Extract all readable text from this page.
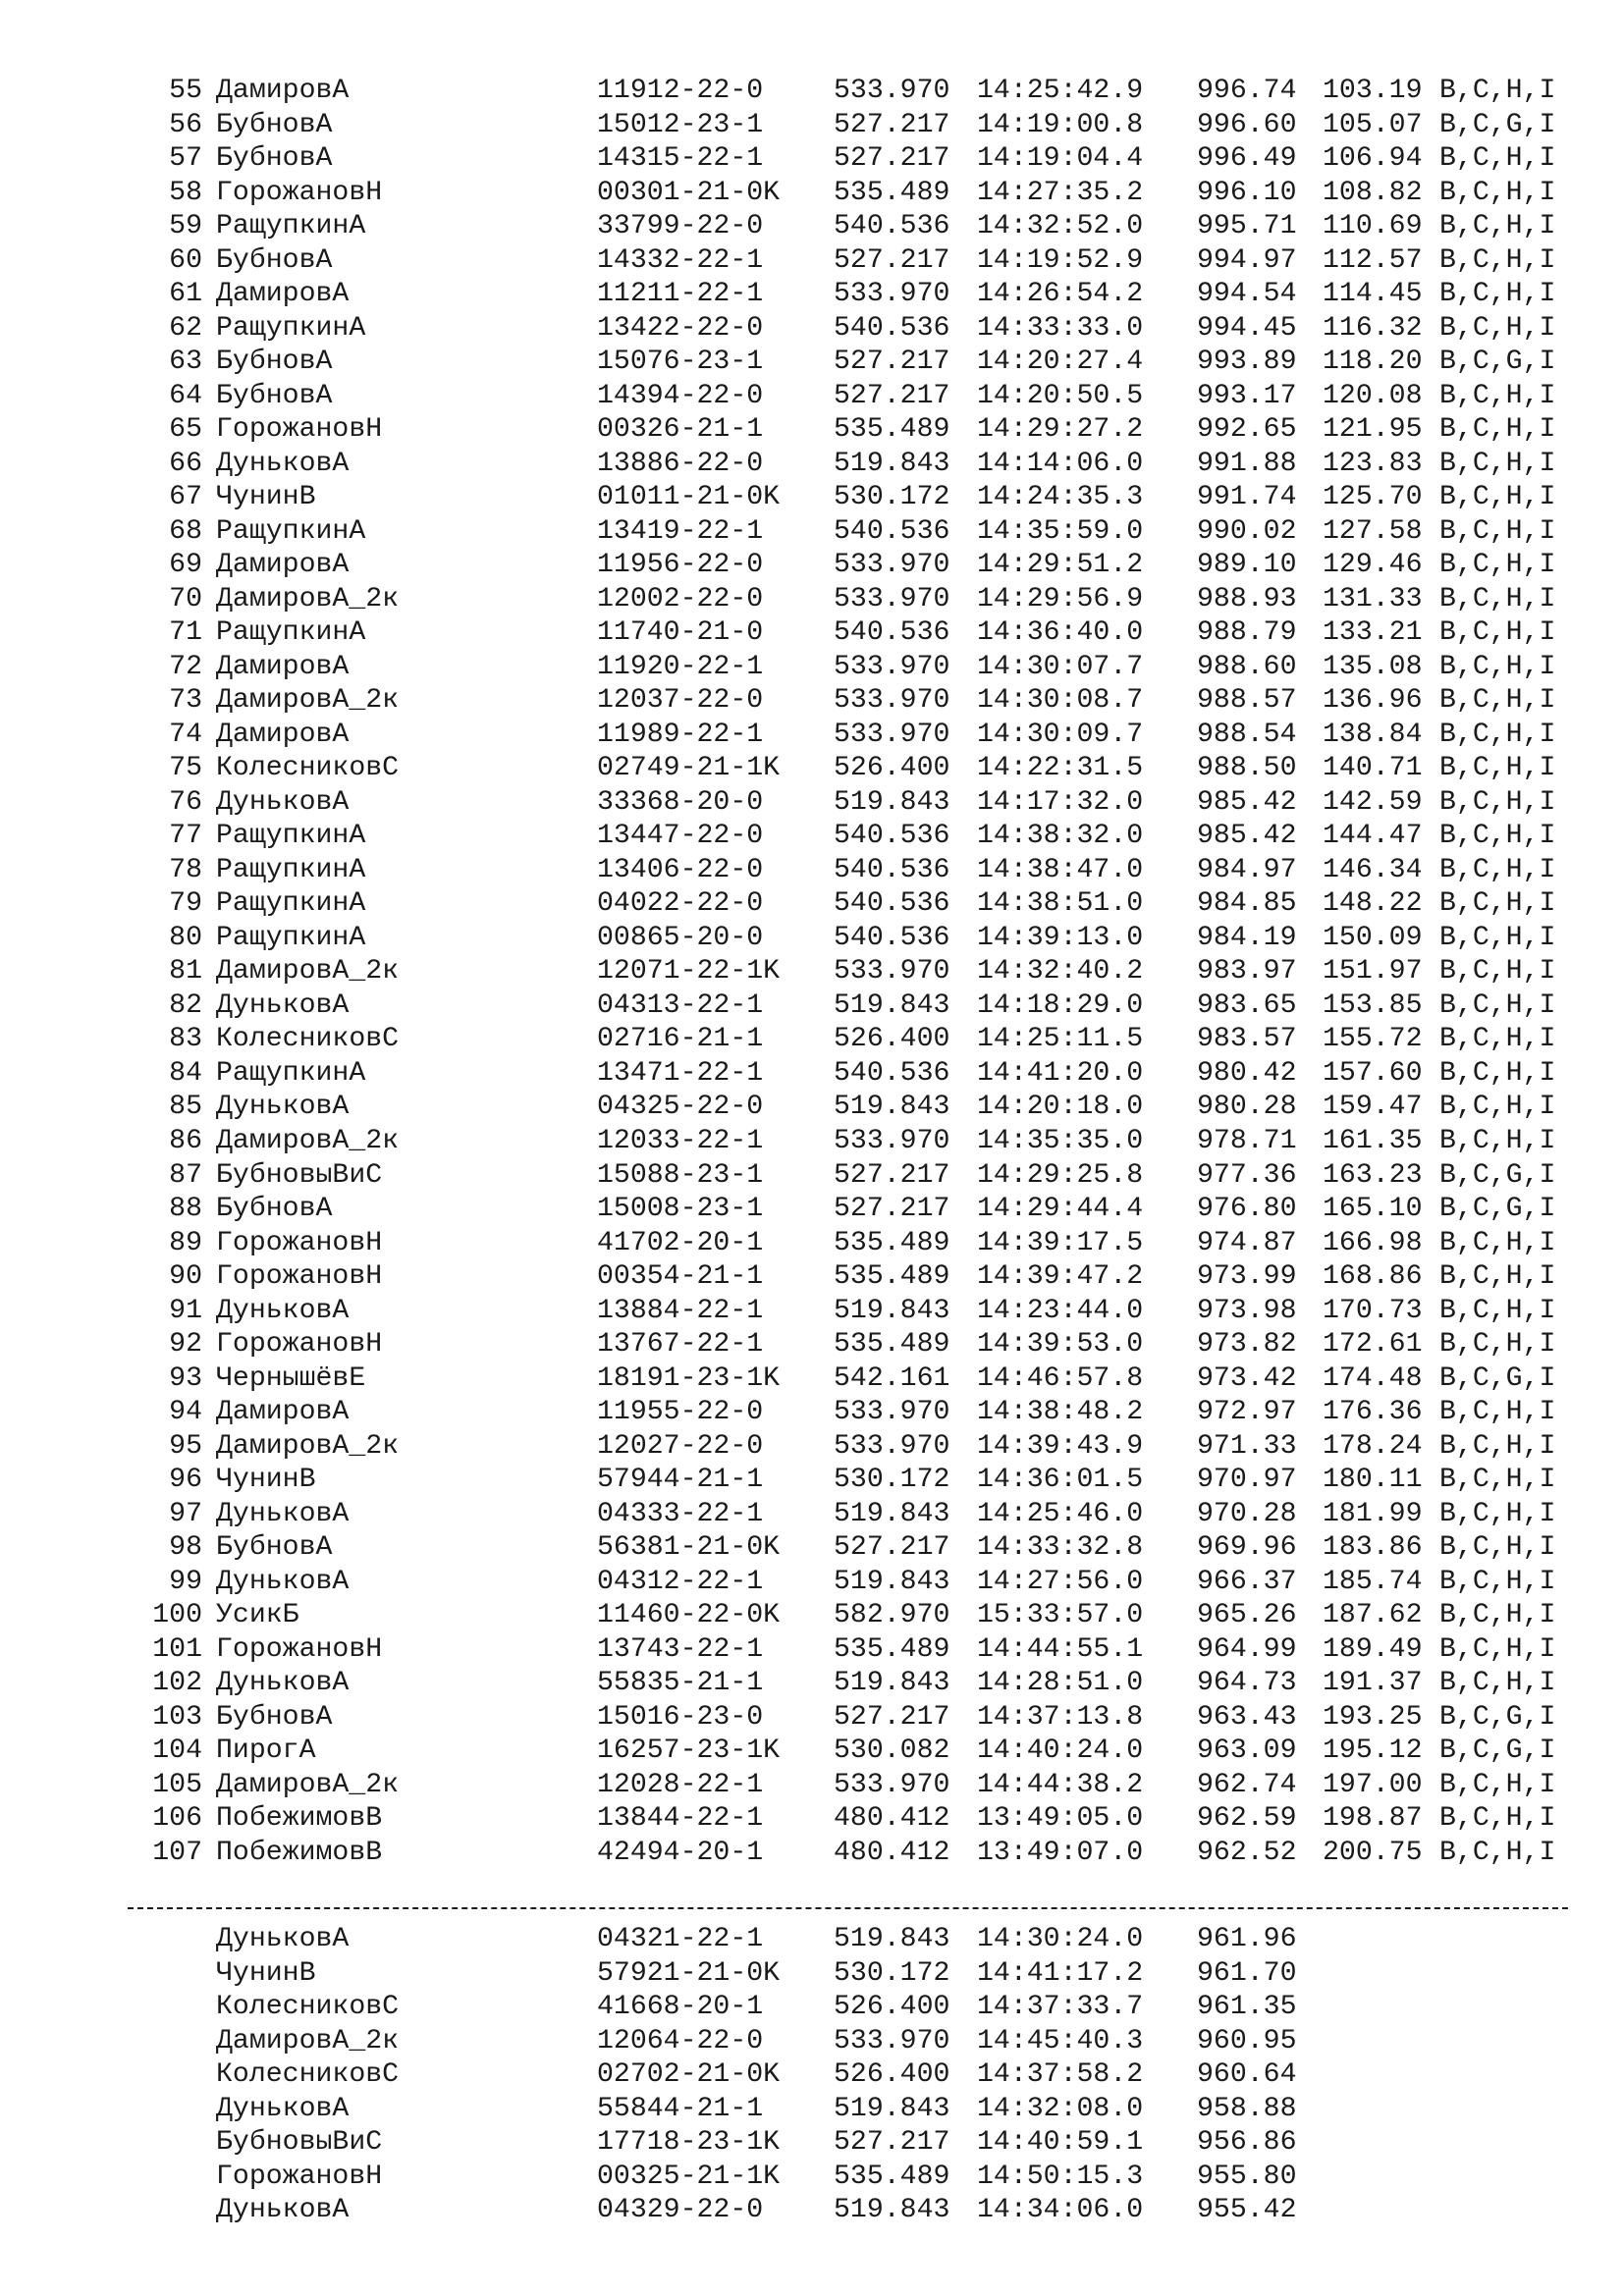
55 ДамировА	11912-22-0	533.970 14:25:42.9 996.74 103.19 B,C,H,I
56 БубновА	15012-23-1	527.217 14:19:00.8 996.60 105.07 B,C,G,I
57 БубновА	14315-22-1	527.217 14:19:04.4 996.49 106.94 B,C,H,I
58 ГорожановН	00301-21-0K 535.489 14:27:35.2 996.10 108.82 B,C,H,I
59 РащупкинА	33799-22-0	540.536 14:32:52.0 995.71 110.69 B,C,H,I
60 БубновА	14332-22-1	527.217 14:19:52.9 994.97 112.57 B,C,H,I
61 ДамировА	11211-22-1	533.970 14:26:54.2 994.54 114.45 B,C,H,I
62 РащупкинА	13422-22-0	540.536 14:33:33.0 994.45 116.32 B,C,H,I
63 БубновА	15076-23-1	527.217 14:20:27.4 993.89 118.20 B,C,G,I
64 БубновА	14394-22-0	527.217 14:20:50.5 993.17 120.08 B,C,H,I
65 ГорожановН	00326-21-1	535.489 14:29:27.2 992.65 121.95 B,C,H,I
66 ДуньковА	13886-22-0	519.843 14:14:06.0 991.88 123.83 B,C,H,I
67 ЧунинВ	01011-21-0K 530.172 14:24:35.3 991.74 125.70 B,C,H,I
68 РащупкинА	13419-22-1	540.536 14:35:59.0 990.02 127.58 B,C,H,I
69 ДамировА	11956-22-0	533.970 14:29:51.2 989.10 129.46 B,C,H,I
70 ДамировА_2к	12002-22-0	533.970 14:29:56.9 988.93 131.33 B,C,H,I
71 РащупкинА	11740-21-0	540.536 14:36:40.0 988.79 133.21 B,C,H,I
72 ДамировА	11920-22-1	533.970 14:30:07.7 988.60 135.08 B,C,H,I
73 ДамировА_2к	12037-22-0	533.970 14:30:08.7 988.57 136.96 B,C,H,I
74 ДамировА	11989-22-1	533.970 14:30:09.7 988.54 138.84 B,C,H,I
75 КолесниковС	02749-21-1K 526.400 14:22:31.5 988.50 140.71 B,C,H,I
76 ДуньковА	33368-20-0	519.843 14:17:32.0 985.42 142.59 B,C,H,I
77 РащупкинА	13447-22-0	540.536 14:38:32.0 985.42 144.47 B,C,H,I
78 РащупкинА	13406-22-0	540.536 14:38:47.0 984.97 146.34 B,C,H,I
79 РащупкинА	04022-22-0	540.536 14:38:51.0 984.85 148.22 B,C,H,I
80 РащупкинА	00865-20-0	540.536 14:39:13.0 984.19 150.09 B,C,H,I
81 ДамировА_2к	12071-22-1K 533.970 14:32:40.2 983.97 151.97 B,C,H,I
82 ДуньковА	04313-22-1	519.843 14:18:29.0 983.65 153.85 B,C,H,I
83 КолесниковС	02716-21-1	526.400 14:25:11.5 983.57 155.72 B,C,H,I
84 РащупкинА	13471-22-1	540.536 14:41:20.0 980.42 157.60 B,C,H,I
85 ДуньковА	04325-22-0	519.843 14:20:18.0 980.28 159.47 B,C,H,I
86 ДамировА_2к	12033-22-1	533.970 14:35:35.0 978.71 161.35 B,C,H,I
87 БубновыВиС	15088-23-1	527.217 14:29:25.8 977.36 163.23 B,C,G,I
88 БубновА	15008-23-1	527.217 14:29:44.4 976.80 165.10 B,C,G,I
89 ГорожановН	41702-20-1	535.489 14:39:17.5 974.87 166.98 B,C,H,I
90 ГорожановН	00354-21-1	535.489 14:39:47.2 973.99 168.86 B,C,H,I
91 ДуньковА	13884-22-1	519.843 14:23:44.0 973.98 170.73 B,C,H,I
92 ГорожановН	13767-22-1	535.489 14:39:53.0 973.82 172.61 B,C,H,I
93 ЧернышёвЕ	18191-23-1K 542.161 14:46:57.8 973.42 174.48 B,C,G,I
94 ДамировА	11955-22-0	533.970 14:38:48.2 972.97 176.36 B,C,H,I
95 ДамировА_2к	12027-22-0	533.970 14:39:43.9 971.33 178.24 B,C,H,I
96 ЧунинВ	57944-21-1	530.172 14:36:01.5 970.97 180.11 B,C,H,I
97 ДуньковА	04333-22-1	519.843 14:25:46.0 970.28 181.99 B,C,H,I
98 БубновА	56381-21-0K 527.217 14:33:32.8 969.96 183.86 B,C,H,I
99 ДуньковА	04312-22-1	519.843 14:27:56.0 966.37 185.74 B,C,H,I
100 УсикБ	11460-22-0K 582.970 15:33:57.0 965.26 187.62 B,C,H,I
101 ГорожановН	13743-22-1	535.489 14:44:55.1 964.99 189.49 B,C,H,I
102 ДуньковА	55835-21-1	519.843 14:28:51.0 964.73 191.37 B,C,H,I
103 БубновА	15016-23-0	527.217 14:37:13.8 963.43 193.25 B,C,G,I
104 ПирогА	16257-23-1K 530.082 14:40:24.0 963.09 195.12 B,C,G,I
105 ДамировА_2к	12028-22-1	533.970 14:44:38.2 962.74 197.00 B,C,H,I
106 ПобежимовВ	13844-22-1	480.412 13:49:05.0 962.59 198.87 B,C,H,I
107 ПобежимовВ	42494-20-1	480.412 13:49:07.0 962.52 200.75 B,C,H,I
ДуньковА	04321-22-1	519.843 14:30:24.0 961.96
ЧунинВ	57921-21-0K 530.172 14:41:17.2 961.70
КолесниковС	41668-20-1	526.400 14:37:33.7 961.35
ДамировА_2к	12064-22-0	533.970 14:45:40.3 960.95
КолесниковС	02702-21-0K 526.400 14:37:58.2 960.64
ДуньковА	55844-21-1	519.843 14:32:08.0 958.88
БубновыВиС	17718-23-1K 527.217 14:40:59.1 956.86
ГорожановН	00325-21-1K 535.489 14:50:15.3 955.80
ДуньковА	04329-22-0	519.843 14:34:06.0 955.42
